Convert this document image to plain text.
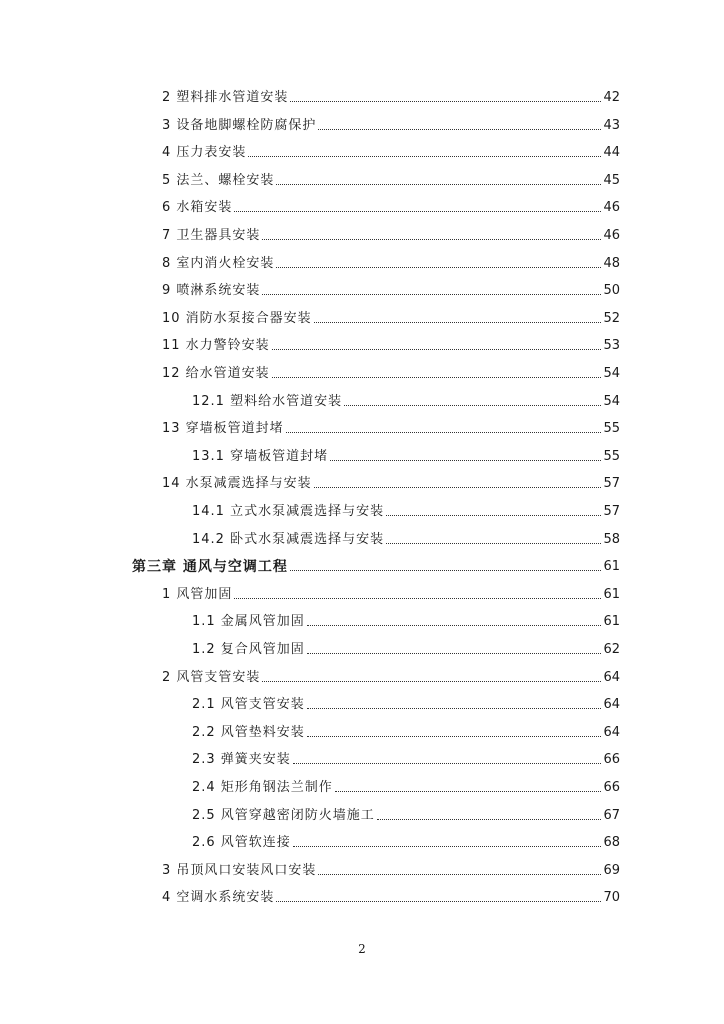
2 塑料排水管道安装	42
3 设备地脚螺栓防腐保护	43
4 压力表安装	44
5 法兰、螺栓安装	45
6 水箱安装	46
7 卫生器具安装	46
8 室内消火栓安装	48
9 喷淋系统安装	50
10 消防水泵接合器安装	52
11 水力警铃安装	53
12 给水管道安装	54
12.1 塑料给水管道安装	54
13 穿墙板管道封堵	55
13.1 穿墙板管道封堵	55
14 水泵减震选择与安装	57
14.1 立式水泵减震选择与安装	57
14.2 卧式水泵减震选择与安装	58
第三章 通风与空调工程	61
1 风管加固	61
1.1 金属风管加固	61
1.2 复合风管加固	62
2 风管支管安装	64
2.1 风管支管安装	64
2.2 风管垫料安装	64
2.3 弹簧夹安装	66
2.4 矩形角钢法兰制作	66
2.5 风管穿越密闭防火墙施工	67
2.6 风管软连接	68
3 吊顶风口安装风口安装	69
4 空调水系统安装	70
2
